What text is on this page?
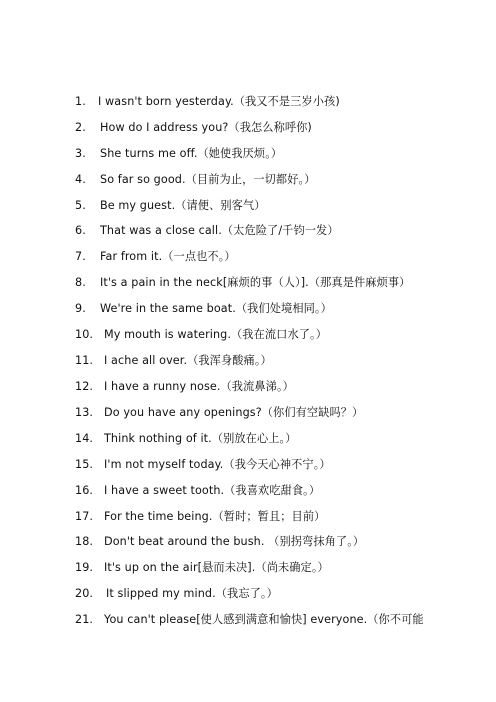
1.	I wasn't born yesterday.（我又不是三岁小孩)
2.	How do I address you?（我怎么称呼你)
3.	She turns me off.（她使我厌烦。）
4.	So far so good.（目前为止，一切都好。）
5.	Be my guest.（请便、别客气）
6.	That was a close call.（太危险了/千钧一发）
7.	Far from it.（一点也不。）
8.	It's a pain in the neck[麻烦的事（人）].（那真是件麻烦事）
9.	We're in the same boat.（我们处境相同。）
10. My mouth is watering.（我在流口水了。）
11. I ache all over.（我浑身酸痛。）
12. I have a runny nose.（我流鼻涕。）
13. Do you have any openings?（你们有空缺吗？）
14. Think nothing of it.（别放在心上。）
15. I'm not myself today.（我今天心神不宁。）
16. I have a sweet tooth.（我喜欢吃甜食。）
17. For the time being.（暂时；暂且；目前）
18. Don't beat around the bush. （别拐弯抹角了。）
19. It's up on the air[悬而未决].（尚未确定。）
20.	It slipped my mind.（我忘了。）
21. You can't please[使人感到满意和愉快] everyone.（你不可能
